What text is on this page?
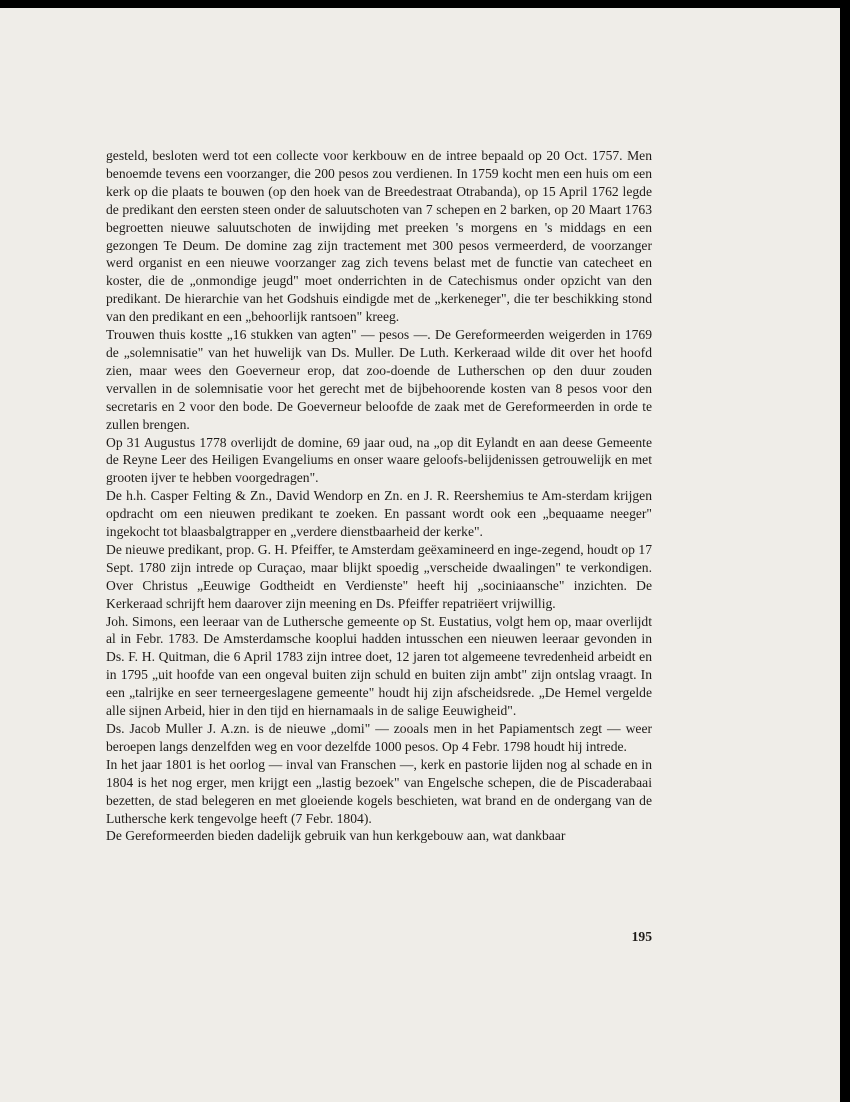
gesteld, besloten werd tot een collecte voor kerkbouw en de intree bepaald op 20 Oct. 1757. Men benoemde tevens een voorzanger, die 200 pesos zou verdienen. In 1759 kocht men een huis om een kerk op die plaats te bouwen (op den hoek van de Breedestraat Otrabanda), op 15 April 1762 legde de predikant den eersten steen onder de saluutschoten van 7 schepen en 2 barken, op 20 Maart 1763 begroetten nieuwe saluutschoten de inwijding met preeken 's morgens en 's middags en een gezongen Te Deum. De domine zag zijn tractement met 300 pesos vermeerderd, de voorzanger werd organist en een nieuwe voorzanger zag zich tevens belast met de functie van catecheet en koster, die de „onmondige jeugd" moet onderrichten in de Catechismus onder opzicht van den predikant. De hierarchie van het Godshuis eindigde met de „kerkeneger", die ter beschikking stond van den predikant en een „behoorlijk rantsoen" kreeg.

Trouwen thuis kostte „16 stukken van agten" — pesos —. De Gereformeerden weigerden in 1769 de „solemnisatie" van het huwelijk van Ds. Muller. De Luth. Kerkeraad wilde dit over het hoofd zien, maar wees den Goeverneur erop, dat zoo-doende de Lutherschen op den duur zouden vervallen in de solemnisatie voor het gerecht met de bijbehoorende kosten van 8 pesos voor den secretaris en 2 voor den bode. De Goeverneur beloofde de zaak met de Gereformeerden in orde te zullen brengen.

Op 31 Augustus 1778 overlijdt de domine, 69 jaar oud, na „op dit Eylandt en aan deese Gemeente de Reyne Leer des Heiligen Evangeliums en onser waare geloofs-belijdenissen getrouwelijk en met grooten ijver te hebben voorgedragen".

De h.h. Casper Felting & Zn., David Wendorp en Zn. en J. R. Reershemius te Am-sterdam krijgen opdracht om een nieuwen predikant te zoeken. En passant wordt ook een „bequaame neeger" ingekocht tot blaasbalgtrapper en „verdere dienstbaarheid der kerke".

De nieuwe predikant, prop. G. H. Pfeiffer, te Amsterdam geëxamineerd en inge-zegend, houdt op 17 Sept. 1780 zijn intrede op Curaçao, maar blijkt spoedig „verscheide dwaalingen" te verkondigen. Over Christus „Eeuwige Godtheidt en Verdienste" heeft hij „sociniaansche" inzichten. De Kerkeraad schrijft hem daarover zijn meening en Ds. Pfeiffer repatriëert vrijwillig.

Joh. Simons, een leeraar van de Luthersche gemeente op St. Eustatius, volgt hem op, maar overlijdt al in Febr. 1783. De Amsterdamsche kooplui hadden intusschen een nieuwen leeraar gevonden in Ds. F. H. Quitman, die 6 April 1783 zijn intree doet, 12 jaren tot algemeene tevredenheid arbeidt en in 1795 „uit hoofde van een ongeval buiten zijn schuld en buiten zijn ambt" zijn ontslag vraagt. In een „talrijke en seer terneergeslagene gemeente" houdt hij zijn afscheidsrede. „De Hemel vergelde alle sijnen Arbeid, hier in den tijd en hiernamaals in de salige Eeuwigheid".

Ds. Jacob Muller J. A.zn. is de nieuwe „domi" — zooals men in het Papiamentsch zegt — weer beroepen langs denzelfden weg en voor dezelfde 1000 pesos. Op 4 Febr. 1798 houdt hij intrede.

In het jaar 1801 is het oorlog — inval van Franschen —, kerk en pastorie lijden nog al schade en in 1804 is het nog erger, men krijgt een „lastig bezoek" van Engelsche schepen, die de Piscaderabaai bezetten, de stad belegeren en met gloeiende kogels beschieten, wat brand en de ondergang van de Luthersche kerk tengevolge heeft (7 Febr. 1804).

De Gereformeerden bieden dadelijk gebruik van hun kerkgebouw aan, wat dankbaar

195
